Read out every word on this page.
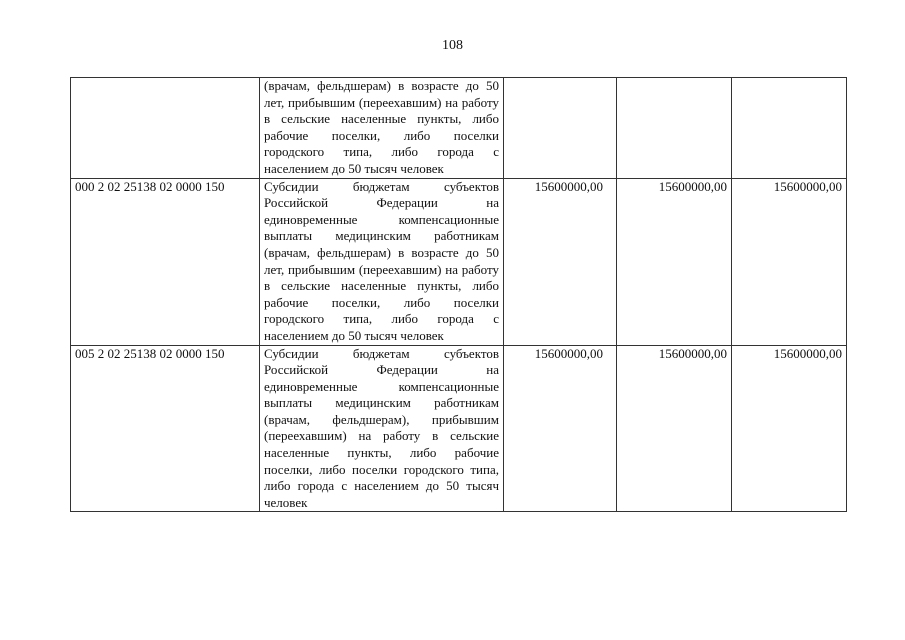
108
	(врачам, фельдшерам) в возрасте до 50 лет, прибывшим (переехавшим) на работу в сельские населенные пункты, либо рабочие поселки, либо поселки городского типа, либо города с населением до 50 тысяч человек			
000 2 02 25138 02 0000 150	Субсидии бюджетам субъектов Российской Федерации на единовременные компенсационные выплаты медицинским работникам (врачам, фельдшерам) в возрасте до 50 лет, прибывшим (переехавшим) на работу в сельские населенные пункты, либо рабочие поселки, либо поселки городского типа, либо города с населением до 50 тысяч человек	15600000,00	15600000,00	15600000,00
005 2 02 25138 02 0000 150	Субсидии бюджетам субъектов Российской Федерации на единовременные компенсационные выплаты медицинским работникам (врачам, фельдшерам), прибывшим (переехавшим) на работу в сельские населенные пункты, либо рабочие поселки, либо поселки городского типа, либо города с населением до 50 тысяч человек	15600000,00	15600000,00	15600000,00
